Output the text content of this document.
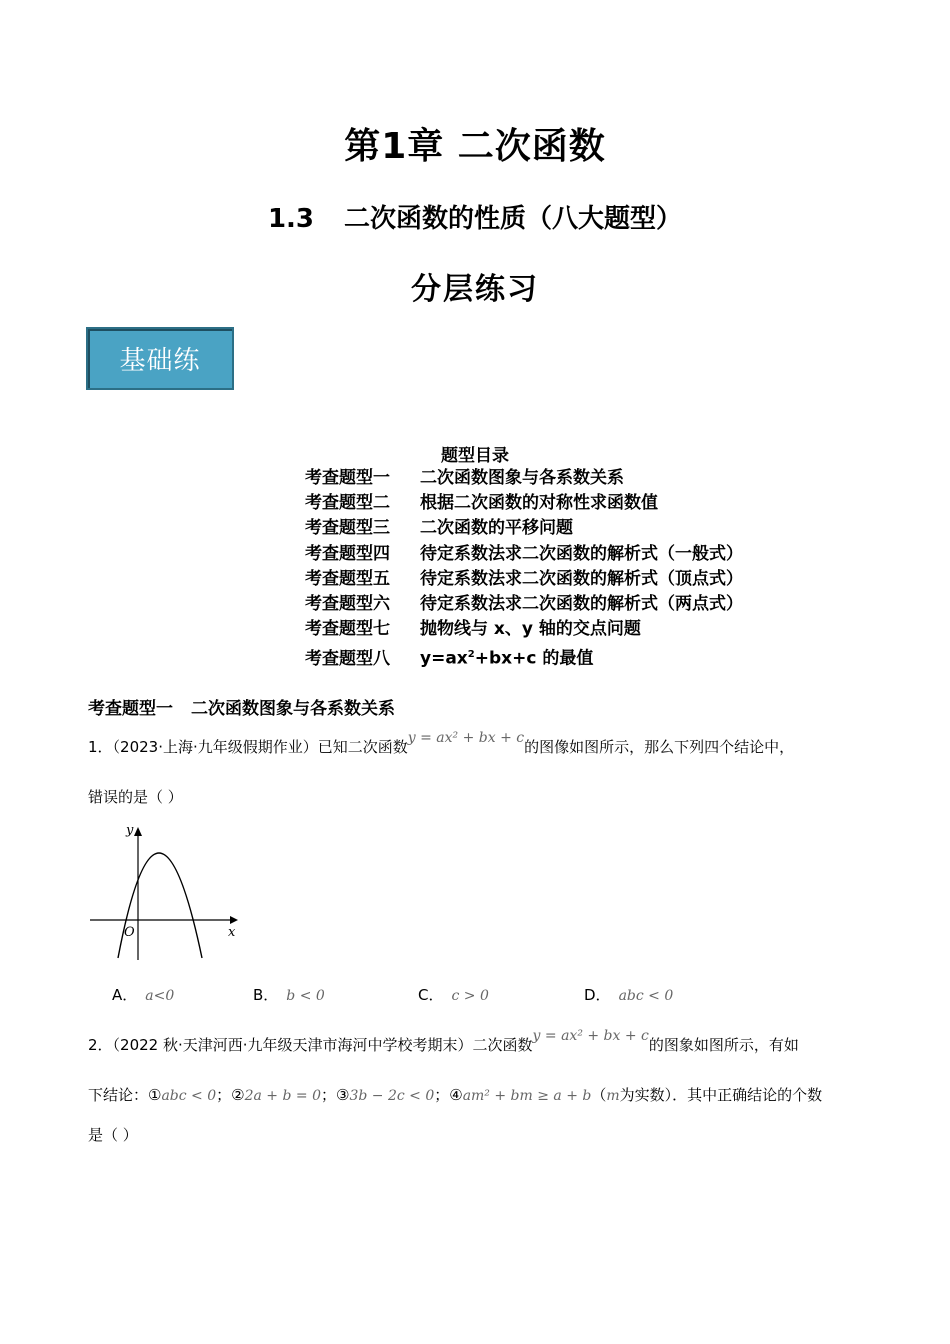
第1章 二次函数
1.3 二次函数的性质（八大题型）
分层练习
基础练
题型目录
考查题型一 二次函数图象与各系数关系
考查题型二 根据二次函数的对称性求函数值
考查题型三 二次函数的平移问题
考查题型四 待定系数法求二次函数的解析式（一般式）
考查题型五 待定系数法求二次函数的解析式（顶点式）
考查题型六 待定系数法求二次函数的解析式（两点式）
考查题型七 抛物线与 x、y 轴的交点问题
考查题型八 $y=ax^2+bx+c$ 的最值
考查题型一 二次函数图象与各系数关系
1．（2023·上海·九年级假期作业）已知二次函数y = ax² + bx + c的图像如图所示，那么下列四个结论中，
错误的是（ ）
y
x
O
A． a<0	B． b < 0	C． c > 0	D． abc < 0
2．（2022 秋·天津河西·九年级天津市海河中学校考期末）二次函数y = ax² + bx + c的图象如图所示，有如
下结论：①abc < 0；②2a + b = 0；③3b − 2c < 0；④am² + bm ≥ a + b（m为实数）．其中正确结论的个数
是（ ）
